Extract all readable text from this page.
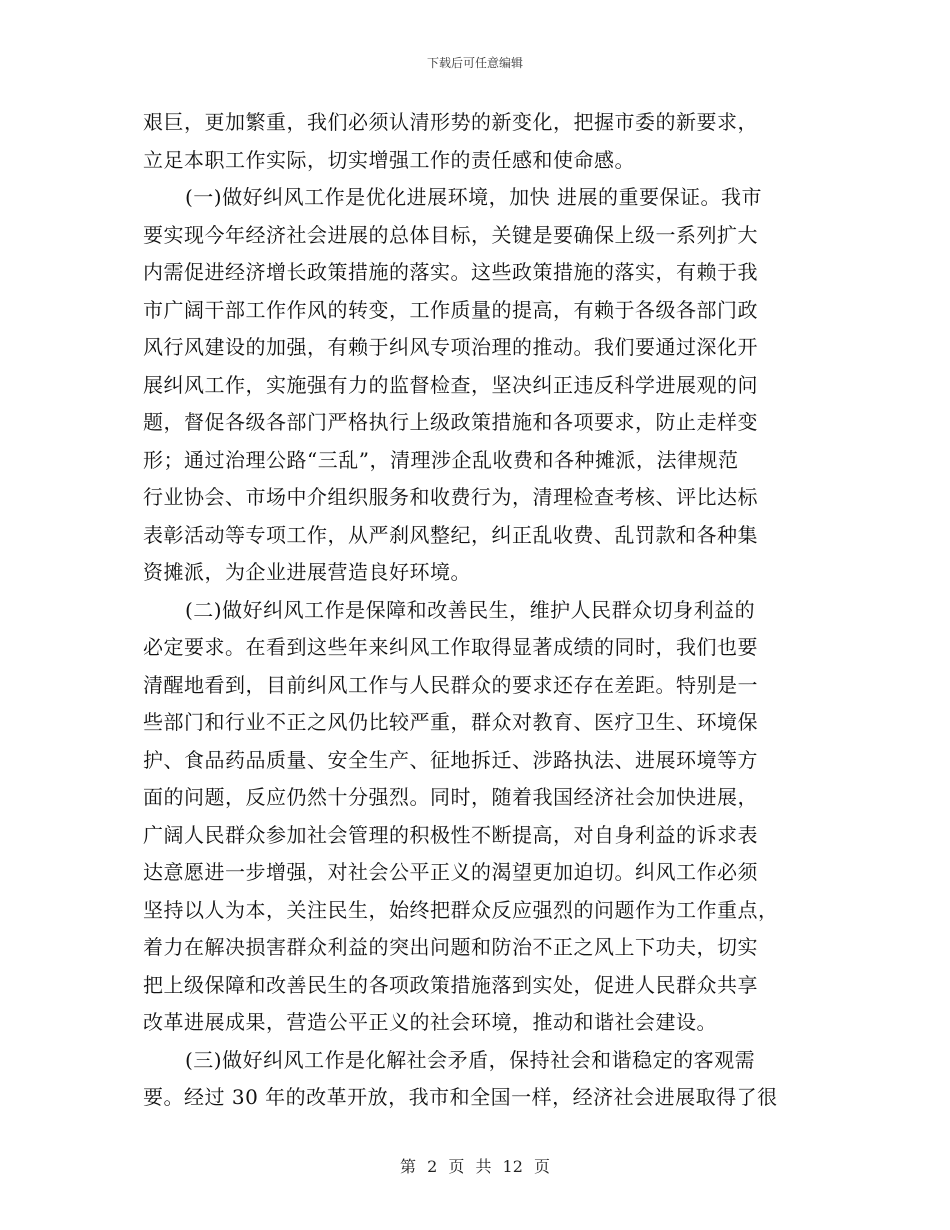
下载后可任意编辑
艰巨，更加繁重，我们必须认清形势的新变化，把握市委的新要求，
立足本职工作实际，切实增强工作的责任感和使命感。
(一)做好纠风工作是优化进展环境，加快 进展的重要保证。我市
要实现今年经济社会进展的总体目标，关键是要确保上级一系列扩大
内需促进经济增长政策措施的落实。这些政策措施的落实，有赖于我
市广阔干部工作作风的转变，工作质量的提高，有赖于各级各部门政
风行风建设的加强，有赖于纠风专项治理的推动。我们要通过深化开
展纠风工作，实施强有力的监督检查，坚决纠正违反科学进展观的问
题，督促各级各部门严格执行上级政策措施和各项要求，防止走样变
形；通过治理公路“三乱”，清理涉企乱收费和各种摊派，法律规范
行业协会、市场中介组织服务和收费行为，清理检查考核、评比达标
表彰活动等专项工作，从严刹风整纪，纠正乱收费、乱罚款和各种集
资摊派，为企业进展营造良好环境。
(二)做好纠风工作是保障和改善民生，维护人民群众切身利益的
必定要求。在看到这些年来纠风工作取得显著成绩的同时，我们也要
清醒地看到，目前纠风工作与人民群众的要求还存在差距。特别是一
些部门和行业不正之风仍比较严重，群众对教育、医疗卫生、环境保
护、食品药品质量、安全生产、征地拆迁、涉路执法、进展环境等方
面的问题，反应仍然十分强烈。同时，随着我国经济社会加快进展，
广阔人民群众参加社会管理的积极性不断提高，对自身利益的诉求表
达意愿进一步增强，对社会公平正义的渴望更加迫切。纠风工作必须
坚持以人为本，关注民生，始终把群众反应强烈的问题作为工作重点，
着力在解决损害群众利益的突出问题和防治不正之风上下功夫，切实
把上级保障和改善民生的各项政策措施落到实处，促进人民群众共享
改革进展成果，营造公平正义的社会环境，推动和谐社会建设。
(三)做好纠风工作是化解社会矛盾，保持社会和谐稳定的客观需
要。经过 30 年的改革开放，我市和全国一样，经济社会进展取得了很
第 2 页 共 12 页
